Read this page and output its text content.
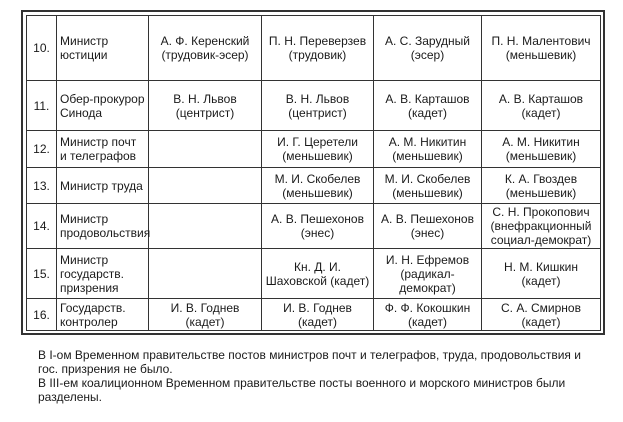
10.	Министр юстиции	А. Ф. Керенский (трудовик-эсер)	П. Н. Переверзев (трудовик)	А. С. Зарудный (эсер)	П. Н. Малентович (меньшевик)
11.	Обер-прокурор Синода	В. Н. Львов (центрист)	В. Н. Львов (центрист)	А. В. Карташов (кадет)	А. В. Карташов (кадет)
12.	Министр почт и телеграфов		И. Г. Церетели (меньшевик)	А. М. Никитин (меньшевик)	А. М. Никитин (меньшевик)
13.	Министр труда		М. И. Скобелев (меньшевик)	М. И. Скобелев (меньшевик)	К. А. Гвоздев (меньшевик)
14.	Министр продовольствия		А. В. Пешехонов (энес)	А. В. Пешехонов (энес)	С. Н. Прокопович (внефракционный социал-демократ)
15.	Министр государств. призрения		Кн. Д. И. Шаховской (кадет)	И. Н. Ефремов (радикал-демократ)	Н. М. Кишкин (кадет)
16.	Государств. контролер	И. В. Годнев (кадет)	И. В. Годнев (кадет)	Ф. Ф. Кокошкин (кадет)	С. А. Смирнов (кадет)

В I-ом Временном правительстве постов министров почт и телеграфов, труда, продовольствия и гос. призрения не было.

В III-ем коалиционном Временном правительстве посты военного и морского министров были разделены.
